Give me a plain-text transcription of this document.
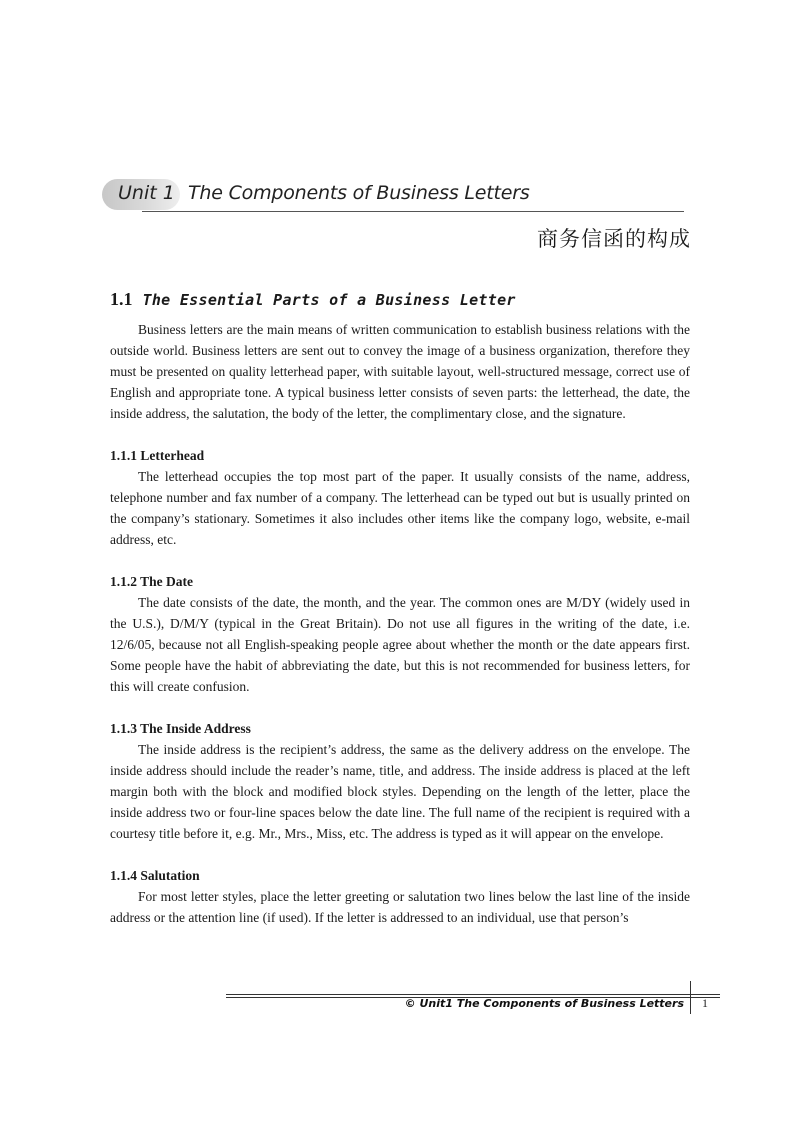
Unit 1 The Components of Business Letters
商务信函的构成
1.1 The Essential Parts of a Business Letter

Business letters are the main means of written communication to establish business relations with the outside world. Business letters are sent out to convey the image of a business organization, therefore they must be presented on quality letterhead paper, with suitable layout, well-structured message, correct use of English and appropriate tone. A typical business letter consists of seven parts: the letterhead, the date, the inside address, the salutation, the body of the letter, the complimentary close, and the signature.

1.1.1 Letterhead

The letterhead occupies the top most part of the paper. It usually consists of the name, address, telephone number and fax number of a company. The letterhead can be typed out but is usually printed on the company’s stationary. Sometimes it also includes other items like the company logo, website, e-mail address, etc.

1.1.2 The Date

The date consists of the date, the month, and the year. The common ones are M/DY (widely used in the U.S.), D/M/Y (typical in the Great Britain). Do not use all figures in the writing of the date, i.e. 12/6/05, because not all English-speaking people agree about whether the month or the date appears first. Some people have the habit of abbreviating the date, but this is not recommended for business letters, for this will create confusion.

1.1.3 The Inside Address

The inside address is the recipient’s address, the same as the delivery address on the envelope. The inside address should include the reader’s name, title, and address. The inside address is placed at the left margin both with the block and modified block styles. Depending on the length of the letter, place the inside address two or four-line spaces below the date line. The full name of the recipient is required with a courtesy title before it, e.g. Mr., Mrs., Miss, etc. The address is typed as it will appear on the envelope.

1.1.4 Salutation

For most letter styles, place the letter greeting or salutation two lines below the last line of the inside address or the attention line (if used). If the letter is addressed to an individual, use that person’s

© Unit1 The Components of Business Letters 1
